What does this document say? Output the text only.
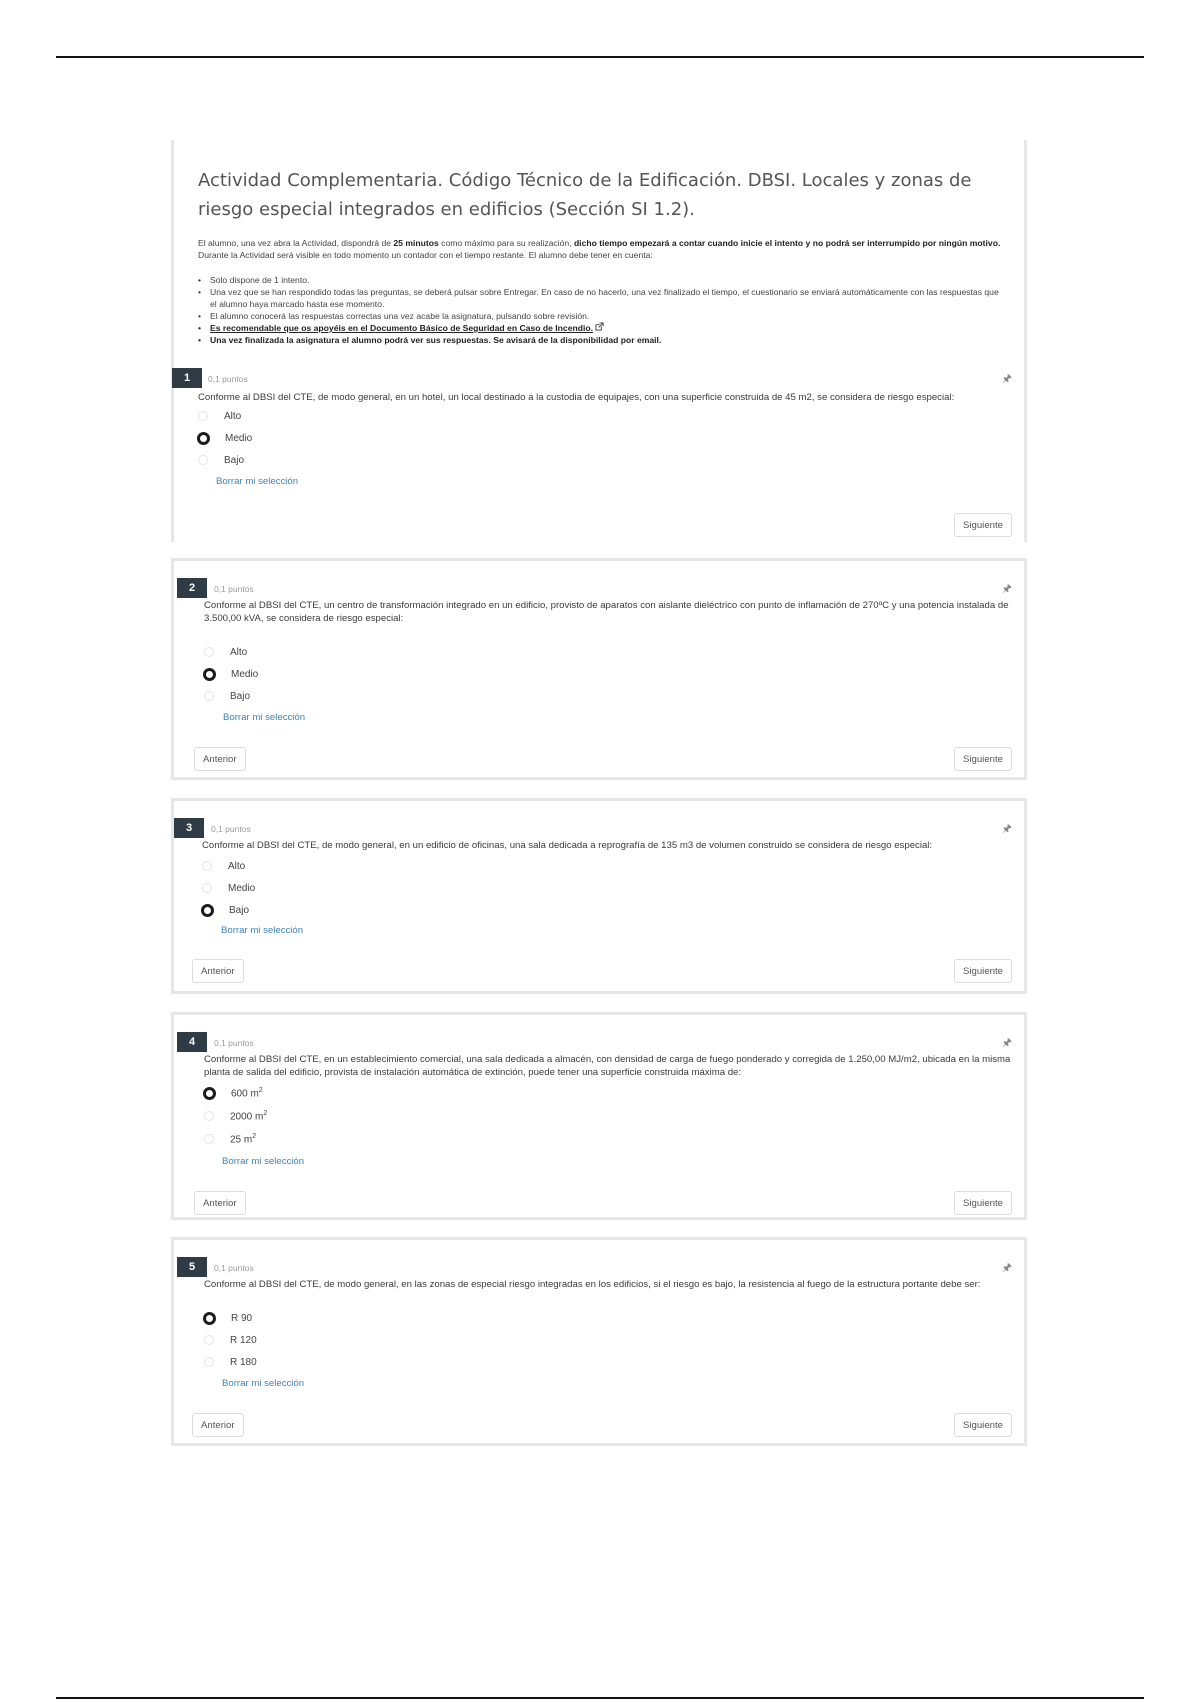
Actividad Complementaria. Código Técnico de la Edificación. DBSI. Locales y zonas de riesgo especial integrados en edificios (Sección SI 1.2).
El alumno, una vez abra la Actividad, dispondrá de 25 minutos como máximo para su realización, dicho tiempo empezará a contar cuando inicie el intento y no podrá ser interrumpido por ningún motivo. Durante la Actividad será visible en todo momento un contador con el tiempo restante. El alumno debe tener en cuenta:
• Solo dispone de 1 intento.
• Una vez que se han respondido todas las preguntas, se deberá pulsar sobre Entregar. En caso de no hacerlo, una vez finalizado el tiempo, el cuestionario se enviará automáticamente con las respuestas que el alumno haya marcado hasta ese momento.
• El alumno conocerá las respuestas correctas una vez acabe la asignatura, pulsando sobre revisión.
• Es recomendable que os apoyéis en el Documento Básico de Seguridad en Caso de Incendio.
• Una vez finalizada la asignatura el alumno podrá ver sus respuestas. Se avisará de la disponibilidad por email.
1	0,1 puntos	🖈
Conforme al DBSI del CTE, de modo general, en un hotel, un local destinado a la custodia de equipajes, con una superficie construida de 45 m2, se considera de riesgo especial:
Alto
Medio
Bajo
Borrar mi selección
Siguiente
2	0,1 puntos	🖈
Conforme al DBSI del CTE, un centro de transformación integrado en un edificio, provisto de aparatos con aislante dieléctrico con punto de inflamación de 270ºC y una potencia instalada de 3.500,00 kVA, se considera de riesgo especial:
Alto
Medio
Bajo
Borrar mi selección
Anterior	Siguiente
3	0,1 puntos	🖈
Conforme al DBSI del CTE, de modo general, en un edificio de oficinas, una sala dedicada a reprografía de 135 m3 de volumen construido se considera de riesgo especial:
Alto
Medio
Bajo
Borrar mi selección
Anterior	Siguiente
4	0,1 puntos	🖈
Conforme al DBSI del CTE, en un establecimiento comercial, una sala dedicada a almacén, con densidad de carga de fuego ponderado y corregida de 1.250,00 MJ/m2, ubicada en la misma planta de salida del edificio, provista de instalación automática de extinción, puede tener una superficie construida máxima de:
600 $m^2$
2000 $m^2$
25 $m^2$
Borrar mi selección
Anterior	Siguiente
5	0,1 puntos	🖈
Conforme al DBSI del CTE, de modo general, en las zonas de especial riesgo integradas en los edificios, si el riesgo es bajo, la resistencia al fuego de la estructura portante debe ser:
R 90
R 120
R 180
Borrar mi selección
Anterior	Siguiente
